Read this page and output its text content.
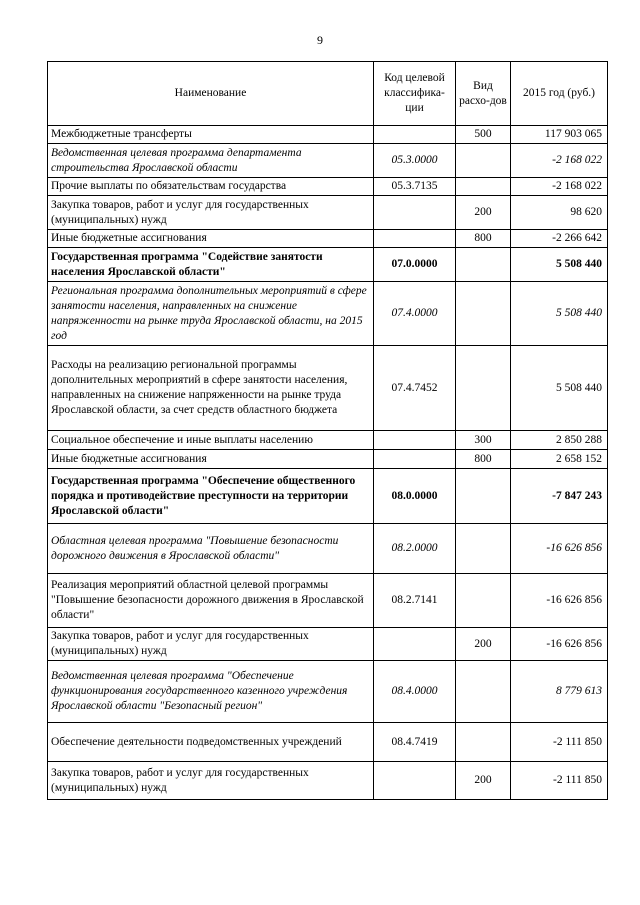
9
Наименование	Код целевой классифика-ции	Вид расхо-дов	2015 год (руб.)
Межбюджетные трансферты		500	117 903 065
Ведомственная целевая программа департамента строительства Ярославской области	05.3.0000		-2 168 022
Прочие выплаты по обязательствам государства	05.3.7135		-2 168 022
Закупка товаров, работ и услуг для государственных (муниципальных) нужд		200	98 620
Иные бюджетные ассигнования		800	-2 266 642
Государственная программа "Содействие занятости населения Ярославской области"	07.0.0000		5 508 440
Региональная программа дополнительных мероприятий в сфере занятости населения, направленных на снижение напряженности на рынке труда Ярославской области, на 2015 год	07.4.0000		5 508 440
Расходы на реализацию региональной программы дополнительных мероприятий в сфере занятости населения, направленных на снижение напряженности на рынке труда Ярославской области, за счет средств областного бюджета	07.4.7452		5 508 440
Социальное обеспечение и иные выплаты населению		300	2 850 288
Иные бюджетные ассигнования		800	2 658 152
Государственная программа "Обеспечение общественного порядка и противодействие преступности на территории Ярославской области"	08.0.0000		-7 847 243
Областная целевая программа "Повышение безопасности дорожного движения в Ярославской области"	08.2.0000		-16 626 856
Реализация мероприятий областной целевой программы "Повышение безопасности дорожного движения в Ярославской области"	08.2.7141		-16 626 856
Закупка товаров, работ и услуг для государственных (муниципальных) нужд		200	-16 626 856
Ведомственная целевая программа "Обеспечение функционирования государственного казенного учреждения Ярославской области "Безопасный регион"	08.4.0000		8 779 613
Обеспечение деятельности подведомственных учреждений	08.4.7419		-2 111 850
Закупка товаров, работ и услуг для государственных (муниципальных) нужд		200	-2 111 850
